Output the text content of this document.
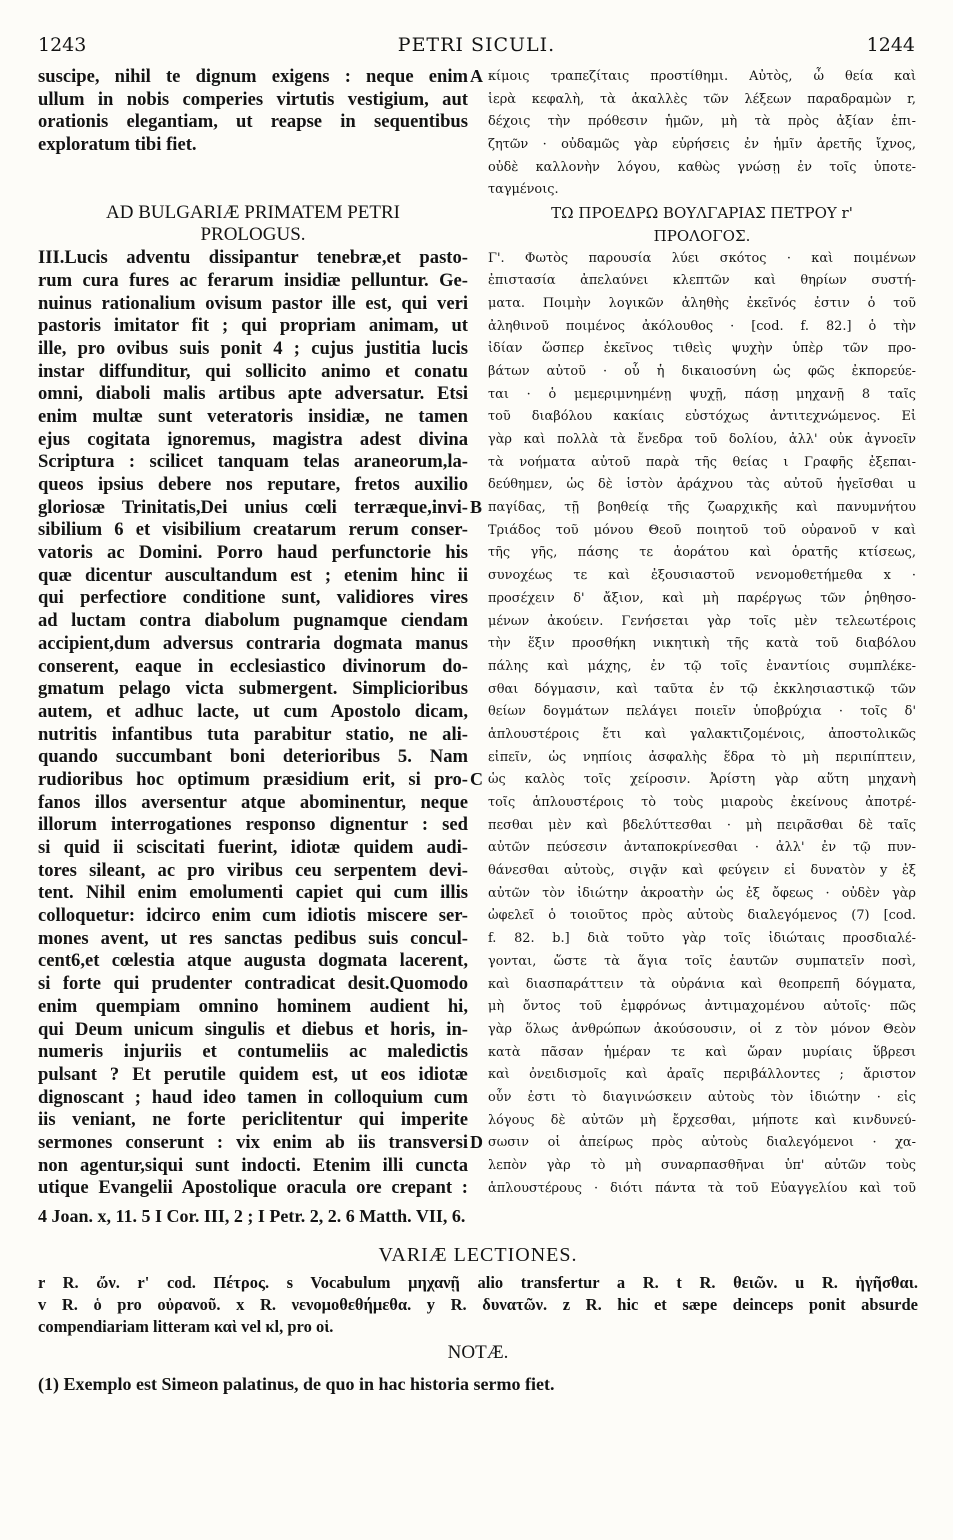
1243	PETRI SICULI.	1244
A
B
C
D
suscipe, nihil te dignum exigens : neque enim
ullum in nobis comperies virtutis vestigium, aut
orationis elegantiam, ut reapse in sequentibus
exploratum tibi fiet.
AD BULGARIÆ PRIMATEM PETRI
PROLOGUS.
III.Lucis adventu dissipantur tenebræ,et pasto-
rum cura fures ac ferarum insidiæ pelluntur. Ge-
nuinus rationalium ovisum pastor ille est, qui veri
pastoris imitator fit ; qui propriam animam, ut
ille, pro ovibus suis ponit 4 ; cujus justitia lucis
instar diffunditur, qui sollicito animo et conatu
omni, diaboli malis artibus apte adversatur. Etsi
enim multæ sunt veteratoris insidiæ, ne tamen
ejus cogitata ignoremus, magistra adest divina
Scriptura : scilicet tanquam telas araneorum,la-
queos ipsius debere nos reputare, fretos auxilio
gloriosæ Trinitatis,Dei unius cœli terræque,invi-
sibilium 6 et visibilium creatarum rerum conser-
vatoris ac Domini. Porro haud perfunctorie his
quæ dicentur auscultandum est ; etenim hinc ii
qui perfectiore conditione sunt, validiores vires
ad luctam contra diabolum pugnamque ciendam
accipient,dum adversus contraria dogmata manus
conserent, eaque in ecclesiastico divinorum do-
gmatum pelago victa submergent. Simplicioribus
autem, et adhuc lacte, ut cum Apostolo dicam,
nutritis infantibus tuta parabitur statio, ne ali-
quando succumbant boni deterioribus 5. Nam
rudioribus hoc optimum præsidium erit, si pro-
fanos illos aversentur atque abominentur, neque
illorum interrogationes responso dignentur : sed
si quid ii sciscitati fuerint, idiotæ quidem audi-
tores sileant, ac pro viribus ceu serpentem devi-
tent. Nihil enim emolumenti capiet qui cum illis
colloquetur: idcirco enim cum idiotis miscere ser-
mones avent, ut res sanctas pedibus suis concul-
cent6,et cœlestia atque augusta dogmata lacerent,
si forte qui prudenter contradicat desit.Quomodo
enim quempiam omnino hominem audient hi,
qui Deum unicum singulis et diebus et horis, in-
numeris injuriis et contumeliis ac maledictis
pulsant ? Et perutile quidem est, ut eos idiotæ
dignoscant ; haud ideo tamen in colloquium cum
iis veniant, ne forte periclitentur qui imperite
sermones conserunt : vix enim ab iis transversi
non agentur,siqui sunt indocti. Etenim illi cuncta
utique Evangelii Apostolique oracula ore crepant :
κίμοις τραπεζίταις προστίθημι. Αὐτὸς, ὦ θεία καὶ
ἱερὰ κεφαλὴ, τὰ ἀκαλλὲς τῶν λέξεων παραδραμὼν r,
δέχοις τὴν πρόθεσιν ἡμῶν, μὴ τὰ πρὸς ἀξίαν ἐπι-
ζητῶν · οὐδαμῶς γὰρ εὑρήσεις ἐν ἡμῖν ἀρετῆς ἴχνος,
οὐδὲ καλλονὴν λόγου, καθὼς γνώσῃ ἐν τοῖς ὑποτε-
ταγμένοις.
ΤΩ ΠΡΟΕΔΡΩ ΒΟΥΛΓΑΡΙΑΣ ΠΕΤΡΟΥ r'
ΠΡΟΛΟΓΟΣ.
Γ'. Φωτὸς παρουσία λύει σκότος · καὶ ποιμένων
ἐπιστασία ἀπελαύνει κλεπτῶν καὶ θηρίων συστή-
ματα. Ποιμὴν λογικῶν ἀληθὴς ἐκεῖνός ἐστιν ὁ τοῦ
ἀληθινοῦ ποιμένος ἀκόλουθος · [cod. f. 82.] ὁ τὴν
ἰδίαν ὥσπερ ἐκεῖνος τιθεὶς ψυχὴν ὑπὲρ τῶν προ-
βάτων αὐτοῦ · οὗ ἡ δικαιοσύνη ὡς φῶς ἐκπορεύε-
ται · ὁ μεμεριμνημένῃ ψυχῇ, πάσῃ μηχανῇ 8 ταῖς
τοῦ διαβόλου κακίαις εὐστόχως ἀντιτεχνώμενος. Εἰ
γὰρ καὶ πολλὰ τὰ ἔνεδρα τοῦ δολίου, ἀλλ' οὐκ ἀγνοεῖν
τὰ νοήματα αὐτοῦ παρὰ τῆς θείας ι Γραφῆς ἐξεπαι-
δεύθημεν, ὡς δὲ ἱστὸν ἀράχνου τὰς αὐτοῦ ἡγεῖσθαι u
παγίδας, τῇ βοηθείᾳ τῆς ζωαρχικῆς καὶ πανυμνήτου
Τριάδος τοῦ μόνου Θεοῦ ποιητοῦ τοῦ οὐρανοῦ v καὶ
τῆς γῆς, πάσης τε ἀοράτου καὶ ὁρατῆς κτίσεως,
συνοχέως τε καὶ ἐξουσιαστοῦ νενομοθετήμεθα x ·
προσέχειν δ' ἄξιον, καὶ μὴ παρέργως τῶν ῥηθησο-
μένων ἀκούειν. Γενήσεται γὰρ τοῖς μὲν τελεωτέροις
τὴν ἕξιν προσθήκη νικητικὴ τῆς κατὰ τοῦ διαβόλου
πάλης καὶ μάχης, ἐν τῷ τοῖς ἐναντίοις συμπλέκε-
σθαι δόγμασιν, καὶ ταῦτα ἐν τῷ ἐκκλησιαστικῷ τῶν
θείων δογμάτων πελάγει ποιεῖν ὑποβρύχια · τοῖς δ'
ἁπλουστέροις ἔτι καὶ γαλακτιζομένοις, ἀποστολικῶς
εἰπεῖν, ὡς νηπίοις ἀσφαλὴς ἕδρα τὸ μὴ περιπίπτειν,
ὡς καλὸς τοῖς χείροσιν. Ἀρίστη γὰρ αὕτη μηχανὴ
τοῖς ἁπλουστέροις τὸ τοὺς μιαροὺς ἐκείνους ἀποτρέ-
πεσθαι μὲν καὶ βδελύττεσθαι · μὴ πειρᾶσθαι δὲ ταῖς
αὐτῶν πεύσεσιν ἀνταποκρίνεσθαι · ἀλλ' ἐν τῷ πυν-
θάνεσθαι αὐτοὺς, σιγᾷν καὶ φεύγειν εἰ δυνατὸν y ἐξ
αὐτῶν τὸν ἰδιώτην ἀκροατὴν ὡς ἐξ ὄφεως · οὐδὲν γὰρ
ὠφελεῖ ὁ τοιοῦτος πρὸς αὐτοὺς διαλεγόμενος (7) [cod.
f. 82. b.] διὰ τοῦτο γὰρ τοῖς ἰδιώταις προσδιαλέ-
γονται, ὥστε τὰ ἅγια τοῖς ἑαυτῶν συμπατεῖν ποσὶ,
καὶ διασπαράττειν τὰ οὐράνια καὶ θεοπρεπῆ δόγματα,
μὴ ὄντος τοῦ ἐμφρόνως ἀντιμαχομένου αὐτοῖς· πῶς
γὰρ ὅλως ἀνθρώπων ἀκούσουσιν, οἱ z τὸν μόνον Θεὸν
κατὰ πᾶσαν ἡμέραν τε καὶ ὥραν μυρίαις ὕβρεσι
καὶ ὀνειδισμοῖς καὶ ἀραῖς περιβάλλοντες ; ἄριστον
οὖν ἐστι τὸ διαγινώσκειν αὐτοὺς τὸν ἰδιώτην · εἰς
λόγους δὲ αὐτῶν μὴ ἔρχεσθαι, μήποτε καὶ κινδυνεύ-
σωσιν οἱ ἀπείρως πρὸς αὐτοὺς διαλεγόμενοι · χα-
λεπὸν γὰρ τὸ μὴ συναρπασθῆναι ὑπ' αὐτῶν τοὺς
ἁπλουστέρους · διότι πάντα τὰ τοῦ Εὐαγγελίου καὶ τοῦ
4 Joan. x, 11. 5 I Cor. III, 2 ; I Petr. 2, 2. 6 Matth. VII, 6.
VARIÆ LECTIONES.
r R. ὤν. r' cod. Πέτρος. s Vocabulum μηχανῇ alio transfertur a R. t R. θειῶν. u R. ἡγῆσθαι.
v R. ὁ pro οὐρανοῦ. x R. νενομοθεθήμεθα. y R. δυνατῶν. z R. hic et sæpe deinceps ponit absurde
compendiariam litteram καὶ vel κl, pro οἱ.
NOTÆ.
(1) Exemplo est Simeon palatinus, de quo in hac historia sermo fiet.
